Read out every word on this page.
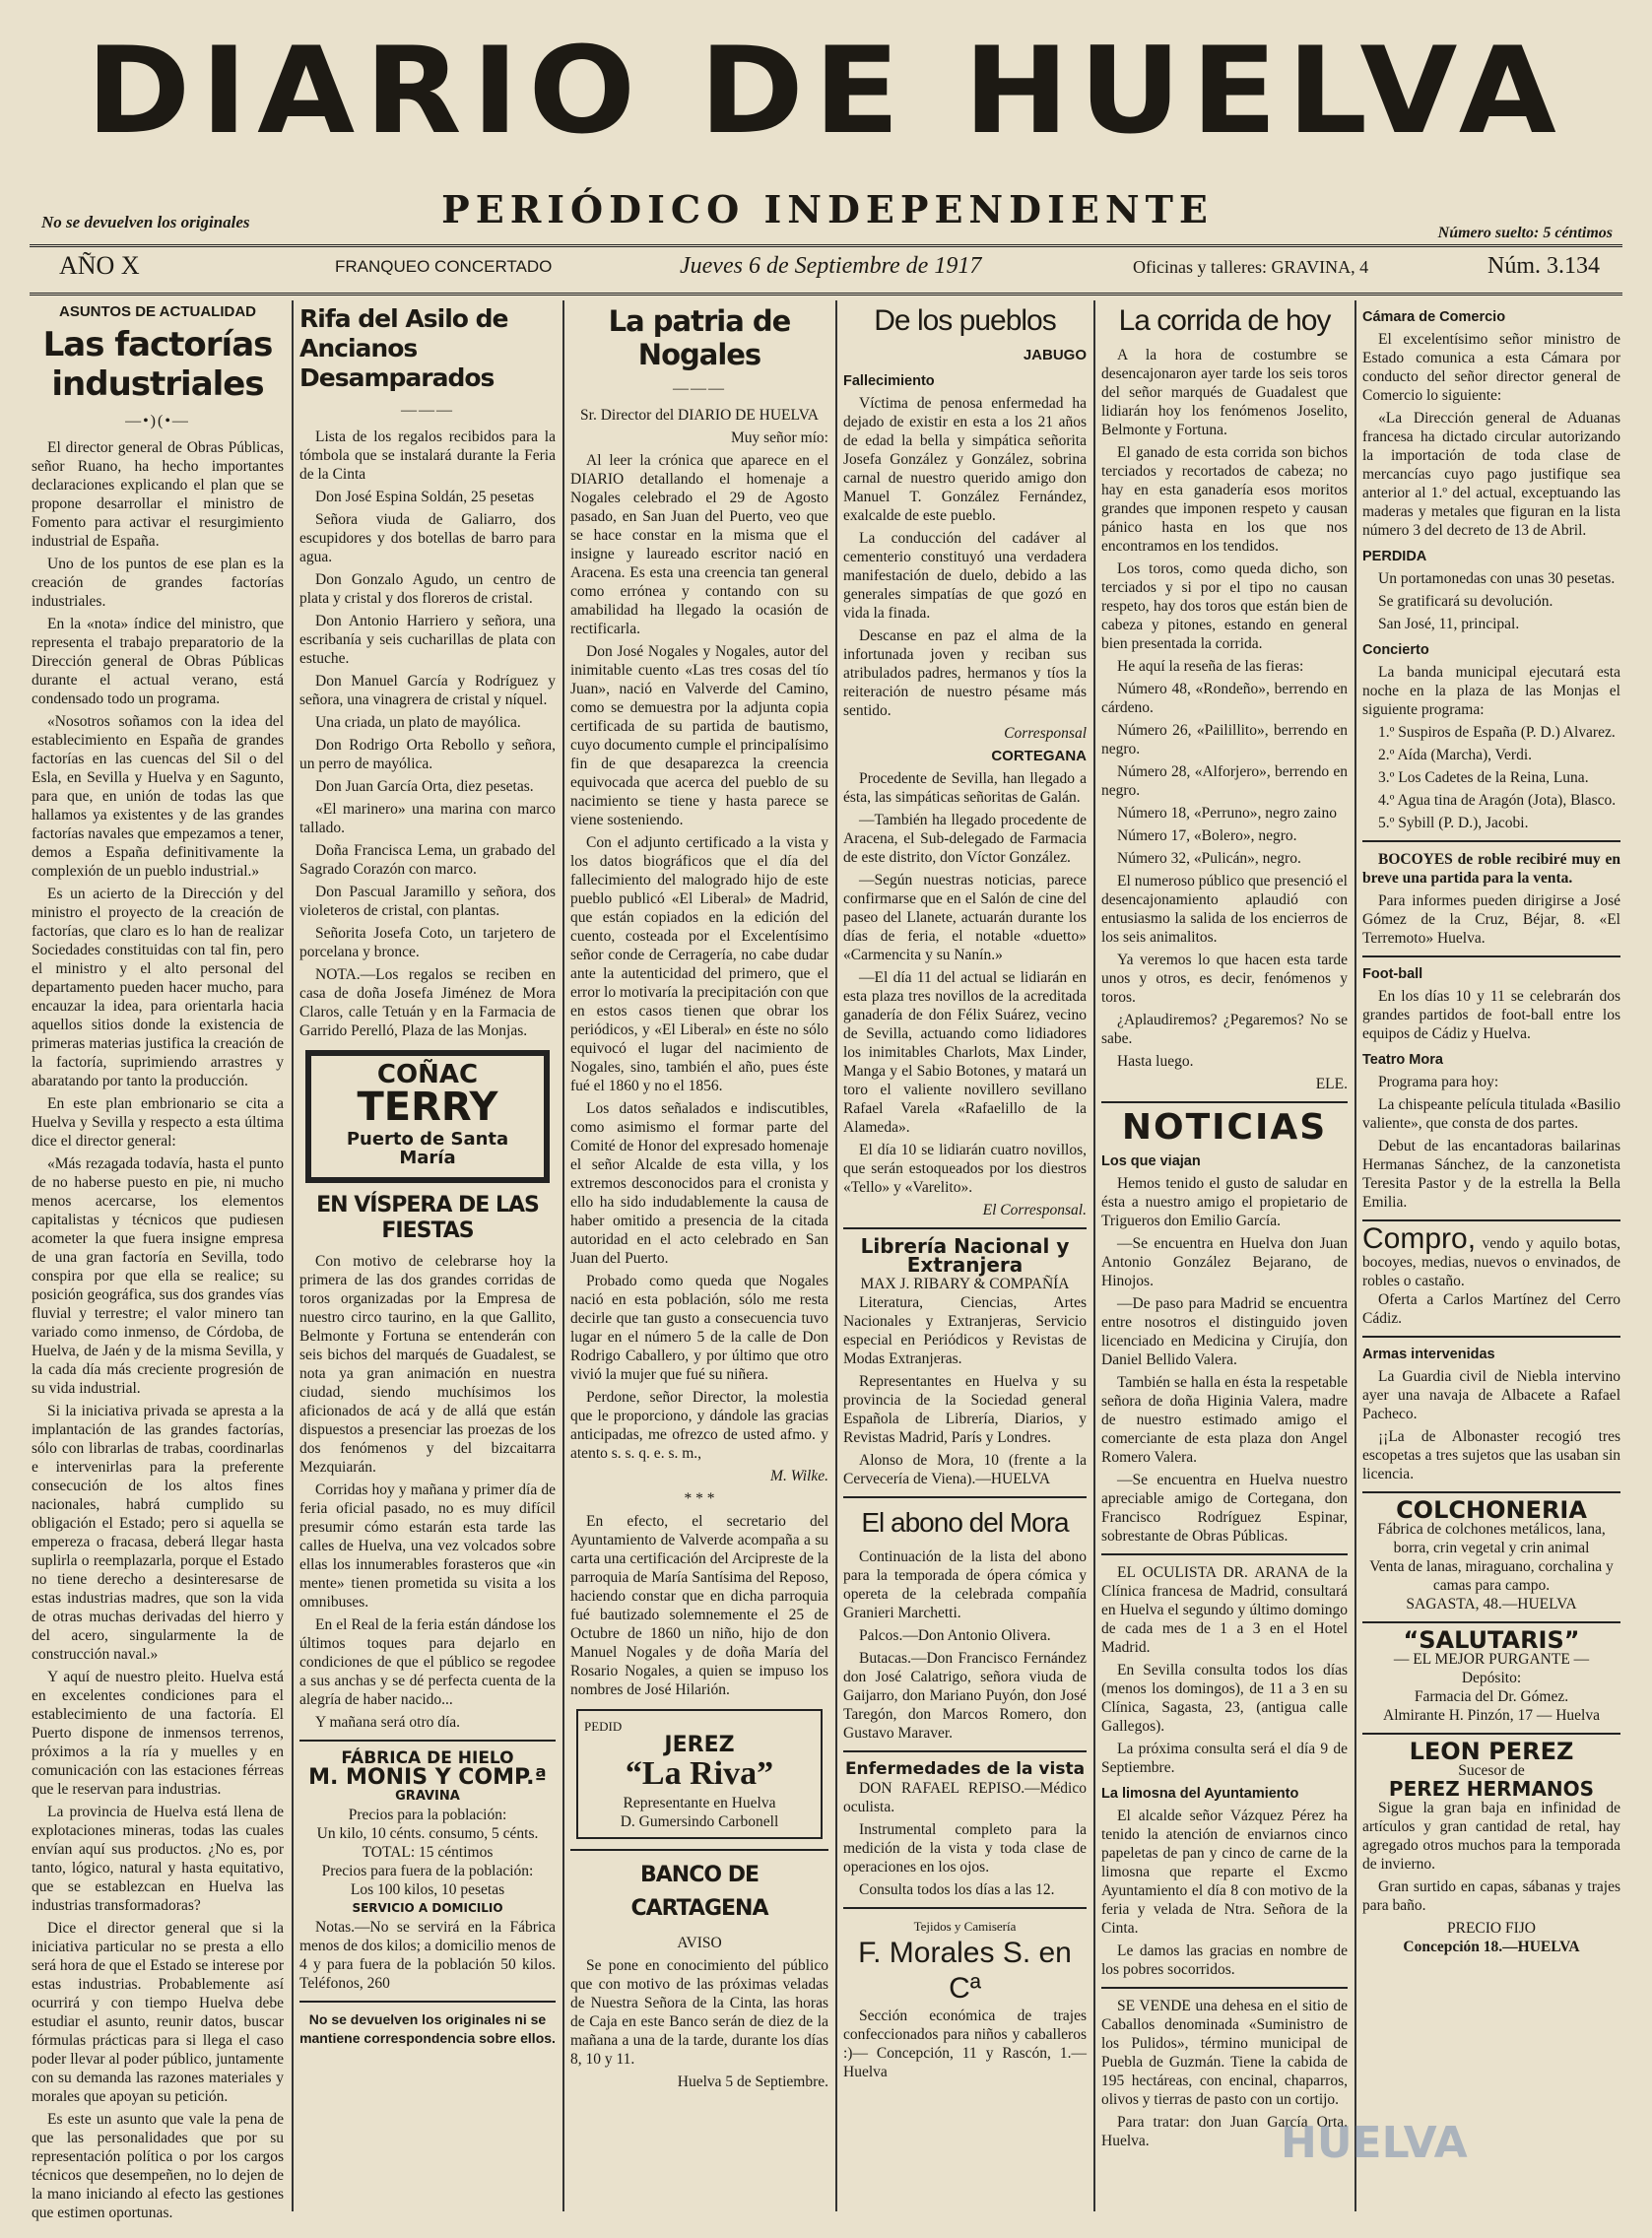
DIARIO DE HUELVA
No se devuelven los originales	PERIÓDICO INDEPENDIENTE
Número suelto: 5 céntimos
AÑO X	FRANQUEO CONCERTADO	Jueves 6 de Septiembre de 1917	Oficinas y talleres: GRAVINA, 4	Núm. 3.134
ASUNTOS DE ACTUALIDAD
Las factorías industriales
—•)(•—

El director general de Obras Públicas, señor Ruano, ha hecho importantes declaraciones explicando el plan que se propone desarrollar el ministro de Fomento para activar el resurgimiento industrial de España.

Uno de los puntos de ese plan es la creación de grandes factorías industriales.

En la «nota» índice del ministro, que representa el trabajo preparatorio de la Dirección general de Obras Públicas durante el actual verano, está condensado todo un programa.

«Nosotros soñamos con la idea del establecimiento en España de grandes factorías en las cuencas del Sil o del Esla, en Sevilla y Huelva y en Sagunto, para que, en unión de todas las que hallamos ya existentes y de las grandes factorías navales que empezamos a tener, demos a España definitivamente la complexión de un pueblo industrial.»

Es un acierto de la Dirección y del ministro el proyecto de la creación de factorías, que claro es lo han de realizar Sociedades constituidas con tal fin, pero el ministro y el alto personal del departamento pueden hacer mucho, para encauzar la idea, para orientarla hacia aquellos sitios donde la existencia de primeras materias justifica la creación de la factoría, suprimiendo arrastres y abaratando por tanto la producción.

En este plan embrionario se cita a Huelva y Sevilla y respecto a esta última dice el director general:

«Más rezagada todavía, hasta el punto de no haberse puesto en pie, ni mucho menos acercarse, los elementos capitalistas y técnicos que pudiesen acometer la que fuera insigne empresa de una gran factoría en Sevilla, todo conspira por que ella se realice; su posición geográfica, sus dos grandes vías fluvial y terrestre; el valor minero tan variado como inmenso, de Córdoba, de Huelva, de Jaén y de la misma Sevilla, y la cada día más creciente progresión de su vida industrial.

Si la iniciativa privada se apresta a la implantación de las grandes factorías, sólo con librarlas de trabas, coordinarlas e intervenirlas para la preferente consecución de los altos fines nacionales, habrá cumplido su obligación el Estado; pero si aquella se empereza o fracasa, deberá llegar hasta suplirla o reemplazarla, porque el Estado no tiene derecho a desinteresarse de estas industrias madres, que son la vida de otras muchas derivadas del hierro y del acero, singularmente la de construcción naval.»

Y aquí de nuestro pleito. Huelva está en excelentes condiciones para el establecimiento de una factoría. El Puerto dispone de inmensos terrenos, próximos a la ría y muelles y en comunicación con las estaciones férreas que le reservan para industrias.

La provincia de Huelva está llena de explotaciones mineras, todas las cuales envían aquí sus productos. ¿No es, por tanto, lógico, natural y hasta equitativo, que se establezcan en Huelva las industrias transformadoras?

Dice el director general que si la iniciativa particular no se presta a ello será hora de que el Estado se interese por estas industrias. Probablemente así ocurrirá y con tiempo Huelva debe estudiar el asunto, reunir datos, buscar fórmulas prácticas para si llega el caso poder llevar al poder público, juntamente con su demanda las razones materiales y morales que apoyan su petición.

Es este un asunto que vale la pena de que las personalidades que por su representación política o por los cargos técnicos que desempeñen, no lo dejen de la mano iniciando al efecto las gestiones que estimen oportunas.

Rifa del Asilo de Ancianos Desamparados
———

Lista de los regalos recibidos para la tómbola que se instalará durante la Feria de la Cinta

Don José Espina Soldán, 25 pesetas

Señora viuda de Galiarro, dos escupidores y dos botellas de barro para agua.

Don Gonzalo Agudo, un centro de plata y cristal y dos floreros de cristal.

Don Antonio Harriero y señora, una escribanía y seis cucharillas de plata con estuche.

Don Manuel García y Rodríguez y señora, una vinagrera de cristal y níquel.

Una criada, un plato de mayólica.

Don Rodrigo Orta Rebollo y señora, un perro de mayólica.

Don Juan García Orta, diez pesetas.

«El marinero» una marina con marco tallado.

Doña Francisca Lema, un grabado del Sagrado Corazón con marco.

Don Pascual Jaramillo y señora, dos violeteros de cristal, con plantas.

Señorita Josefa Coto, un tarjetero de porcelana y bronce.

NOTA.—Los regalos se reciben en casa de doña Josefa Jiménez de Mora Claros, calle Tetuán y en la Farmacia de Garrido Perelló, Plaza de las Monjas.

COÑAC
TERRY
Puerto de Santa María
EN VÍSPERA DE LAS FIESTAS

Con motivo de celebrarse hoy la primera de las dos grandes corridas de toros organizadas por la Empresa de nuestro circo taurino, en la que Gallito, Belmonte y Fortuna se entenderán con seis bichos del marqués de Guadalest, se nota ya gran animación en nuestra ciudad, siendo muchísimos los aficionados de acá y de allá que están dispuestos a presenciar las proezas de los dos fenómenos y del bizcaitarra Mezquiarán.

Corridas hoy y mañana y primer día de feria oficial pasado, no es muy difícil presumir cómo estarán esta tarde las calles de Huelva, una vez volcados sobre ellas los innumerables forasteros que «in mente» tienen prometida su visita a los omnibuses.

En el Real de la feria están dándose los últimos toques para dejarlo en condiciones de que el público se regodee a sus anchas y se dé perfecta cuenta de la alegría de haber nacido...

Y mañana será otro día.

FÁBRICA DE HIELO
M. MONIS Y COMP.ª
GRAVINA
Precios para la población:
Un kilo, 10 cénts. consumo, 5 cénts.
TOTAL: 15 céntimos
Precios para fuera de la población:
Los 100 kilos, 10 pesetas
SERVICIO A DOMICILIO

Notas.—No se servirá en la Fábrica menos de dos kilos; a domicilio menos de 4 y para fuera de la población 50 kilos. Teléfonos, 260

No se devuelven los originales ni se mantiene correspondencia sobre ellos.

La patria de Nogales
———

Sr. Director del DIARIO DE HUELVA

Muy señor mío:

Al leer la crónica que aparece en el DIARIO detallando el homenaje a Nogales celebrado el 29 de Agosto pasado, en San Juan del Puerto, veo que se hace constar en la misma que el insigne y laureado escritor nació en Aracena. Es esta una creencia tan general como errónea y contando con su amabilidad ha llegado la ocasión de rectificarla.

Don José Nogales y Nogales, autor del inimitable cuento «Las tres cosas del tío Juan», nació en Valverde del Camino, como se demuestra por la adjunta copia certificada de su partida de bautismo, cuyo documento cumple el principalísimo fin de que desaparezca la creencia equivocada que acerca del pueblo de su nacimiento se tiene y hasta parece se viene sosteniendo.

Con el adjunto certificado a la vista y los datos biográficos que el día del fallecimiento del malogrado hijo de este pueblo publicó «El Liberal» de Madrid, que están copiados en la edición del cuento, costeada por el Excelentísimo señor conde de Cerragería, no cabe dudar ante la autenticidad del primero, que el error lo motivaría la precipitación con que en estos casos tienen que obrar los periódicos, y «El Liberal» en éste no sólo equivocó el lugar del nacimiento de Nogales, sino, también el año, pues éste fué el 1860 y no el 1856.

Los datos señalados e indiscutibles, como asimismo el formar parte del Comité de Honor del expresado homenaje el señor Alcalde de esta villa, y los extremos desconocidos para el cronista y ello ha sido indudablemente la causa de haber omitido a presencia de la citada autoridad en el acto celebrado en San Juan del Puerto.

Probado como queda que Nogales nació en esta población, sólo me resta decirle que tan gusto a consecuencia tuvo lugar en el número 5 de la calle de Don Rodrigo Caballero, y por último que otro vivió la mujer que fué su niñera.

Perdone, señor Director, la molestia que le proporciono, y dándole las gracias anticipadas, me ofrezco de usted afmo. y atento s. s. q. e. s. m.,

M. Wilke.

* * *

En efecto, el secretario del Ayuntamiento de Valverde acompaña a su carta una certificación del Arcipreste de la parroquia de María Santísima del Reposo, haciendo constar que en dicha parroquia fué bautizado solemnemente el 25 de Octubre de 1860 un niño, hijo de don Manuel Nogales y de doña María del Rosario Nogales, a quien se impuso los nombres de José Hilarión.

PEDID
JEREZ
“La Riva”
Representante en Huelva
D. Gumersindo Carbonell
BANCO DE CARTAGENA

AVISO

Se pone en conocimiento del público que con motivo de las próximas veladas de Nuestra Señora de la Cinta, las horas de Caja en este Banco serán de diez de la mañana a una de la tarde, durante los días 8, 10 y 11.

Huelva 5 de Septiembre.

De los pueblos
JABUGO
Fallecimiento

Víctima de penosa enfermedad ha dejado de existir en esta a los 21 años de edad la bella y simpática señorita Josefa González y González, sobrina carnal de nuestro querido amigo don Manuel T. González Fernández, exalcalde de este pueblo.

La conducción del cadáver al cementerio constituyó una verdadera manifestación de duelo, debido a las generales simpatías de que gozó en vida la finada.

Descanse en paz el alma de la infortunada joven y reciban sus atribulados padres, hermanos y tíos la reiteración de nuestro pésame más sentido.

Corresponsal

CORTEGANA

Procedente de Sevilla, han llegado a ésta, las simpáticas señoritas de Galán.

—También ha llegado procedente de Aracena, el Sub-delegado de Farmacia de este distrito, don Víctor González.

—Según nuestras noticias, parece confirmarse que en el Salón de cine del paseo del Llanete, actuarán durante los días de feria, el notable «duetto» «Carmencita y su Nanín.»

—El día 11 del actual se lidiarán en esta plaza tres novillos de la acreditada ganadería de don Félix Suárez, vecino de Sevilla, actuando como lidiadores los inimitables Charlots, Max Linder, Manga y el Sabio Botones, y matará un toro el valiente novillero sevillano Rafael Varela «Rafaelillo de la Alameda».

El día 10 se lidiarán cuatro novillos, que serán estoqueados por los diestros «Tello» y «Varelito».

El Corresponsal.

Librería Nacional y Extranjera
MAX J. RIBARY & COMPAÑÍA

Literatura, Ciencias, Artes Nacionales y Extranjeras, Servicio especial en Periódicos y Revistas de Modas Extranjeras.

Representantes en Huelva y su provincia de la Sociedad general Española de Librería, Diarios, y Revistas Madrid, París y Londres.

Alonso de Mora, 10 (frente a la Cervecería de Viena).—HUELVA

El abono del Mora

Continuación de la lista del abono para la temporada de ópera cómica y opereta de la celebrada compañía Granieri Marchetti.

Palcos.—Don Antonio Olivera.

Butacas.—Don Francisco Fernández don José Calatrigo, señora viuda de Gaijarro, don Mariano Puyón, don José Taregón, don Marcos Romero, don Gustavo Maraver.

Enfermedades de la vista

DON RAFAEL REPISO.—Médico oculista.

Instrumental completo para la medición de la vista y toda clase de operaciones en los ojos.

Consulta todos los días a las 12.

Tejidos y Camisería
F. Morales S. en Cª

Sección económica de trajes confeccionados para niños y caballeros :)— Concepción, 11 y Rascón, 1.—Huelva

La corrida de hoy

A la hora de costumbre se desencajonaron ayer tarde los seis toros del señor marqués de Guadalest que lidiarán hoy los fenómenos Joselito, Belmonte y Fortuna.

El ganado de esta corrida son bichos terciados y recortados de cabeza; no hay en esta ganadería esos moritos grandes que imponen respeto y causan pánico hasta en los que nos encontramos en los tendidos.

Los toros, como queda dicho, son terciados y si por el tipo no causan respeto, hay dos toros que están bien de cabeza y pitones, estando en general bien presentada la corrida.

He aquí la reseña de las fieras:

Número 48, «Rondeño», berrendo en cárdeno.

Número 26, «Pailillito», berrendo en negro.

Número 28, «Alforjero», berrendo en negro.

Número 18, «Perruno», negro zaino

Número 17, «Bolero», negro.

Número 32, «Pulicán», negro.

El numeroso público que presenció el desencajonamiento aplaudió con entusiasmo la salida de los encierros de los seis animalitos.

Ya veremos lo que hacen esta tarde unos y otros, es decir, fenómenos y toros.

¿Aplaudiremos? ¿Pegaremos? No se sabe.

Hasta luego.

ELE.

NOTICIAS
Los que viajan

Hemos tenido el gusto de saludar en ésta a nuestro amigo el propietario de Trigueros don Emilio García.

—Se encuentra en Huelva don Juan Antonio González Bejarano, de Hinojos.

—De paso para Madrid se encuentra entre nosotros el distinguido joven licenciado en Medicina y Cirujía, don Daniel Bellido Valera.

También se halla en ésta la respetable señora de doña Higinia Valera, madre de nuestro estimado amigo el comerciante de esta plaza don Angel Romero Valera.

—Se encuentra en Huelva nuestro apreciable amigo de Cortegana, don Francisco Rodríguez Espinar, sobrestante de Obras Públicas.

EL OCULISTA DR. ARANA de la Clínica francesa de Madrid, consultará en Huelva el segundo y último domingo de cada mes de 1 a 3 en el Hotel Madrid.

En Sevilla consulta todos los días (menos los domingos), de 11 a 3 en su Clínica, Sagasta, 23, (antigua calle Gallegos).

La próxima consulta será el día 9 de Septiembre.

La limosna del Ayuntamiento

El alcalde señor Vázquez Pérez ha tenido la atención de enviarnos cinco papeletas de pan y cinco de carne de la limosna que reparte el Excmo Ayuntamiento el día 8 con motivo de la feria y velada de Ntra. Señora de la Cinta.

Le damos las gracias en nombre de los pobres socorridos.

SE VENDE una dehesa en el sitio de Caballos denominada «Suministro de los Pulidos», término municipal de Puebla de Guzmán. Tiene la cabida de 195 hectáreas, con encinal, chaparros, olivos y tierras de pasto con un cortijo.

Para tratar: don Juan García Orta. Huelva.

Cámara de Comercio

El excelentísimo señor ministro de Estado comunica a esta Cámara por conducto del señor director general de Comercio lo siguiente:

«La Dirección general de Aduanas francesa ha dictado circular autorizando la importación de toda clase de mercancías cuyo pago justifique sea anterior al 1.º del actual, exceptuando las maderas y metales que figuran en la lista número 3 del decreto de 13 de Abril.

PERDIDA

Un portamonedas con unas 30 pesetas.

Se gratificará su devolución.

San José, 11, principal.

Concierto

La banda municipal ejecutará esta noche en la plaza de las Monjas el siguiente programa:

1.º Suspiros de España (P. D.) Alvarez.

2.º Aída (Marcha), Verdi.

3.º Los Cadetes de la Reina, Luna.

4.º Agua tina de Aragón (Jota), Blasco.

5.º Sybill (P. D.), Jacobi.

BOCOYES de roble recibiré muy en breve una partida para la venta.

Para informes pueden dirigirse a José Gómez de la Cruz, Béjar, 8. «El Terremoto» Huelva.

Foot-ball

En los días 10 y 11 se celebrarán dos grandes partidos de foot-ball entre los equipos de Cádiz y Huelva.

Teatro Mora

Programa para hoy:

La chispeante película titulada «Basilio valiente», que consta de dos partes.

Debut de las encantadoras bailarinas Hermanas Sánchez, de la canzonetista Teresita Pastor y de la estrella la Bella Emilia.

Compro, vendo y aquilo botas, bocoyes, medias, nuevos o envinados, de robles o castaño.

Oferta a Carlos Martínez del Cerro Cádiz.

Armas intervenidas

La Guardia civil de Niebla intervino ayer una navaja de Albacete a Rafael Pacheco.

¡¡La de Albonaster recogió tres escopetas a tres sujetos que las usaban sin licencia.

COLCHONERIA
Fábrica de colchones metálicos, lana, borra, crin vegetal y crin animal
Venta de lanas, miraguano, corchalina y camas para campo.
SAGASTA, 48.—HUELVA
“SALUTARIS”
— EL MEJOR PURGANTE —
Depósito:
Farmacia del Dr. Gómez.
Almirante H. Pinzón, 17 — Huelva
LEON PEREZ
Sucesor de
PEREZ HERMANOS

Sigue la gran baja en infinidad de artículos y gran cantidad de retal, hay agregado otros muchos para la temporada de invierno.

Gran surtido en capas, sábanas y trajes para baño.

PRECIO FIJO
Concepción 18.—HUELVA
HUELVA
